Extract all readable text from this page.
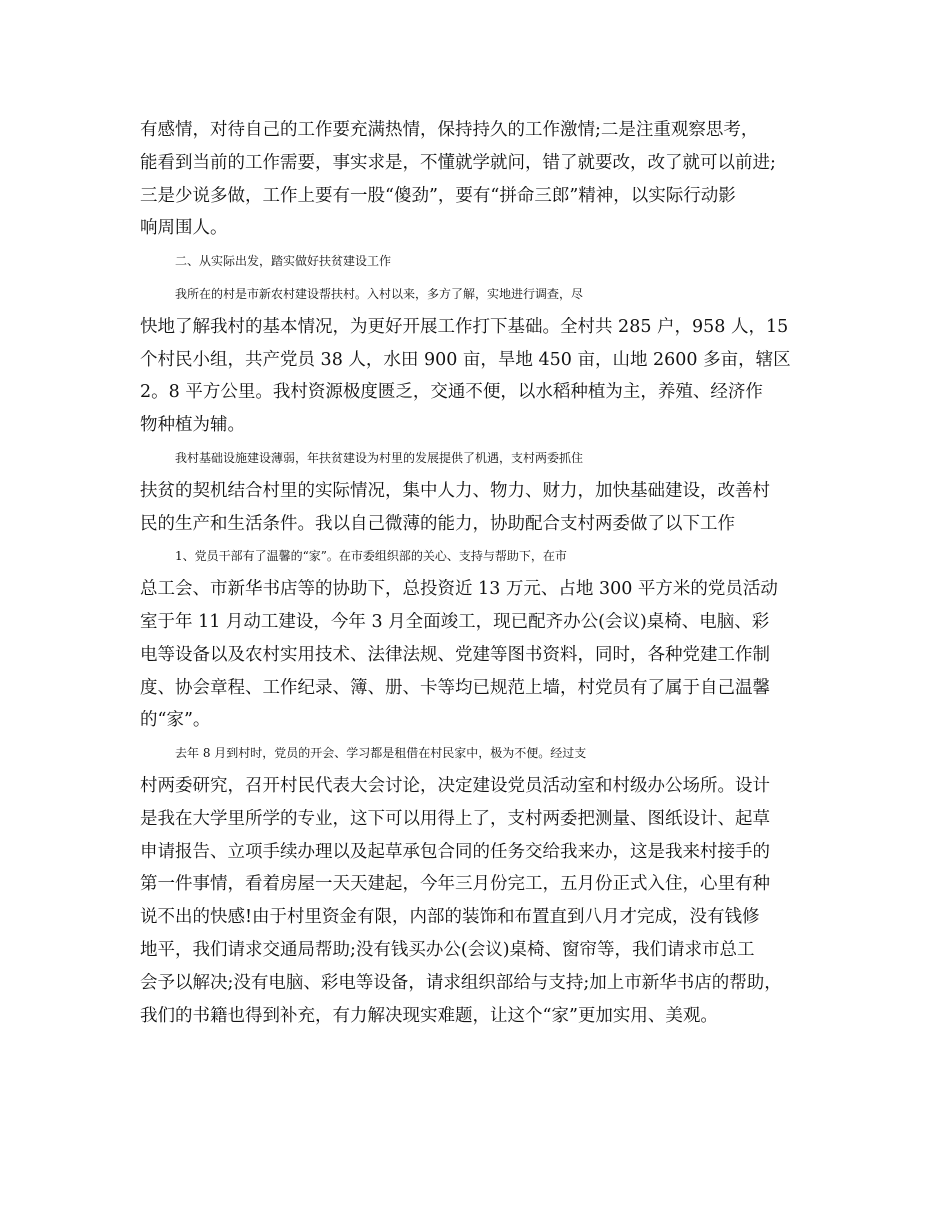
有感情，对待自己的工作要充满热情，保持持久的工作激情;二是注重观察思考，
能看到当前的工作需要，事实求是，不懂就学就问，错了就要改，改了就可以前进;
三是少说多做，工作上要有一股“傻劲”，要有“拼命三郎”精神，以实际行动影
响周围人。
二、从实际出发，踏实做好扶贫建设工作
我所在的村是市新农村建设帮扶村。入村以来，多方了解，实地进行调查，尽
快地了解我村的基本情况，为更好开展工作打下基础。全村共 285 户，958 人，15
个村民小组，共产党员 38 人，水田 900 亩，旱地 450 亩，山地 2600 多亩，辖区
2。8 平方公里。我村资源极度匮乏，交通不便，以水稻种植为主，养殖、经济作
物种植为辅。
我村基础设施建设薄弱，年扶贫建设为村里的发展提供了机遇，支村两委抓住
扶贫的契机结合村里的实际情况，集中人力、物力、财力，加快基础建设，改善村
民的生产和生活条件。我以自己微薄的能力，协助配合支村两委做了以下工作
1、党员干部有了温馨的“家”。在市委组织部的关心、支持与帮助下，在市
总工会、市新华书店等的协助下，总投资近 13 万元、占地 300 平方米的党员活动
室于年 11 月动工建设，今年 3 月全面竣工，现已配齐办公(会议)桌椅、电脑、彩
电等设备以及农村实用技术、法律法规、党建等图书资料，同时，各种党建工作制
度、协会章程、工作纪录、簿、册、卡等均已规范上墙，村党员有了属于自己温馨
的“家”。
去年 8 月到村时，党员的开会、学习都是租借在村民家中，极为不便。经过支
村两委研究，召开村民代表大会讨论，决定建设党员活动室和村级办公场所。设计
是我在大学里所学的专业，这下可以用得上了，支村两委把测量、图纸设计、起草
申请报告、立项手续办理以及起草承包合同的任务交给我来办，这是我来村接手的
第一件事情，看着房屋一天天建起，今年三月份完工，五月份正式入住，心里有种
说不出的快感!由于村里资金有限，内部的装饰和布置直到八月才完成，没有钱修
地平，我们请求交通局帮助;没有钱买办公(会议)桌椅、窗帘等，我们请求市总工
会予以解决;没有电脑、彩电等设备，请求组织部给与支持;加上市新华书店的帮助，
我们的书籍也得到补充，有力解决现实难题，让这个“家”更加实用、美观。
